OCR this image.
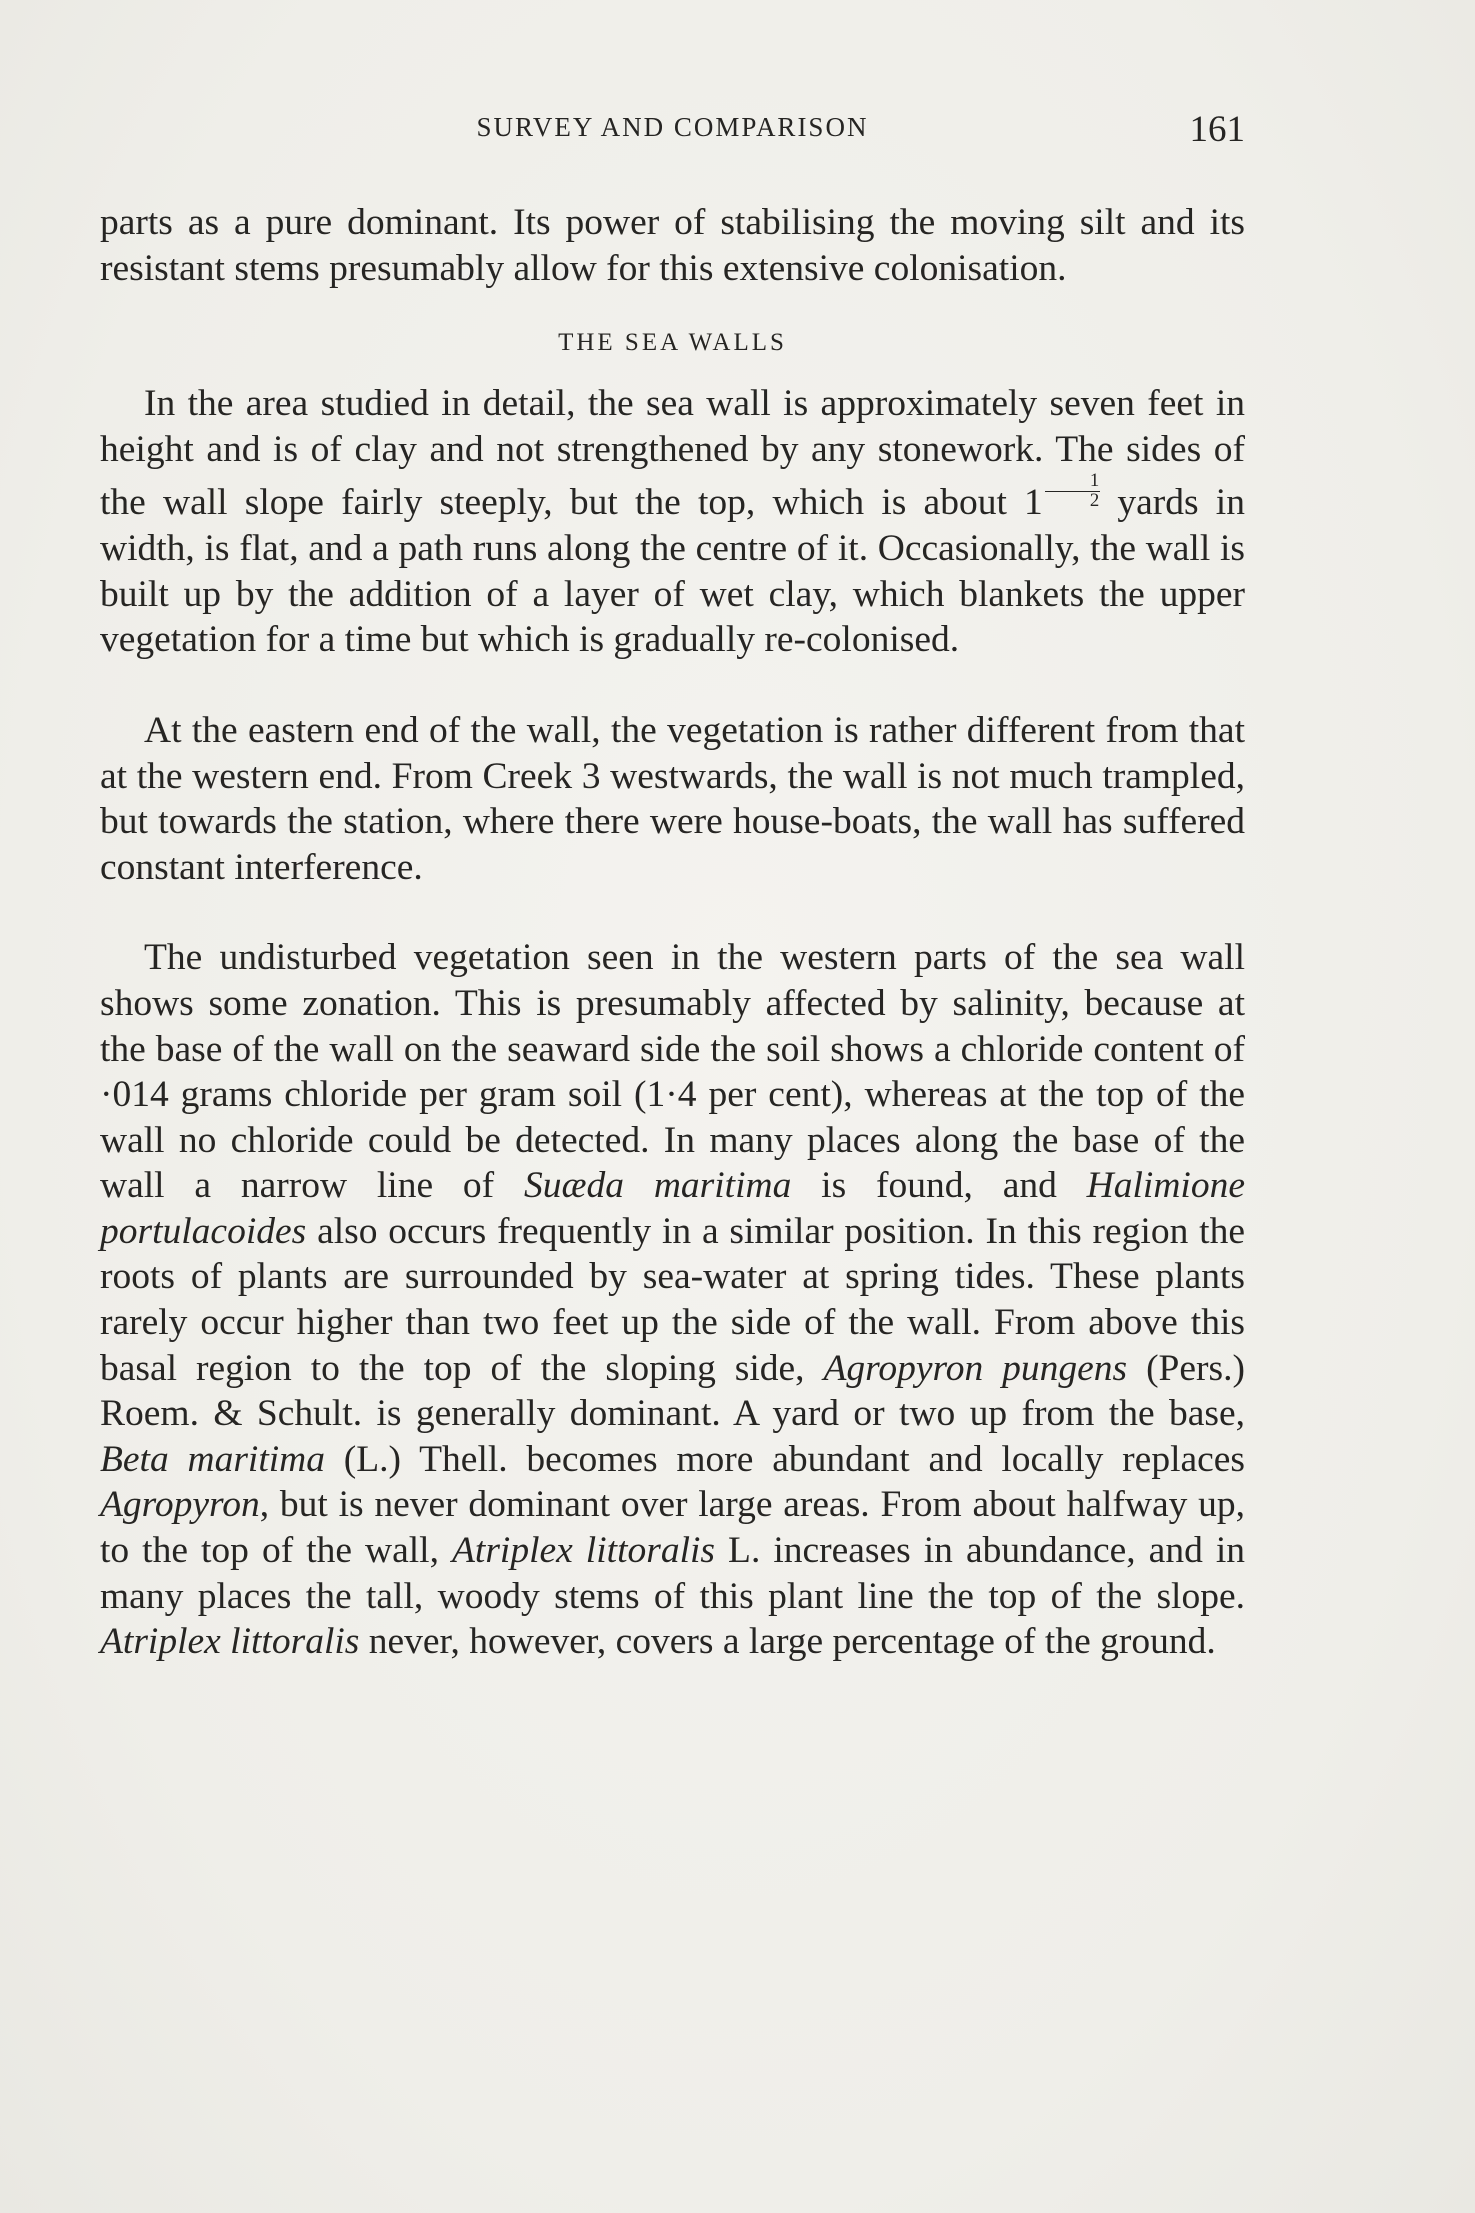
SURVEY AND COMPARISON	161

parts as a pure dominant. Its power of stabilising the moving silt and its resistant stems presumably allow for this extensive colonisation.

THE SEA WALLS

In the area studied in detail, the sea wall is approximately seven feet in height and is of clay and not strengthened by any stonework. The sides of the wall slope fairly steeply, but the top, which is about $1 \frac{1}{2}$ yards in width, is flat, and a path runs along the centre of it. Occasionally, the wall is built up by the addition of a layer of wet clay, which blankets the upper vegetation for a time but which is gradually re-colonised.

At the eastern end of the wall, the vegetation is rather different from that at the western end. From Creek 3 westwards, the wall is not much trampled, but towards the station, where there were house-boats, the wall has suffered constant interference.

The undisturbed vegetation seen in the western parts of the sea wall shows some zonation. This is presumably affected by salinity, because at the base of the wall on the seaward side the soil shows a chloride content of ·014 grams chloride per gram soil (1·4 per cent), whereas at the top of the wall no chloride could be detected. In many places along the base of the wall a narrow line of Suæda maritima is found, and Halimione portulacoides also occurs frequently in a similar position. In this region the roots of plants are surrounded by sea-water at spring tides. These plants rarely occur higher than two feet up the side of the wall. From above this basal region to the top of the sloping side, Agropyron pungens (Pers.) Roem. & Schult. is generally dominant. A yard or two up from the base, Beta maritima (L.) Thell. becomes more abundant and locally replaces Agropyron, but is never dominant over large areas. From about halfway up, to the top of the wall, Atriplex littoralis L. increases in abundance, and in many places the tall, woody stems of this plant line the top of the slope. Atriplex littoralis never, however, covers a large percentage of the ground.
